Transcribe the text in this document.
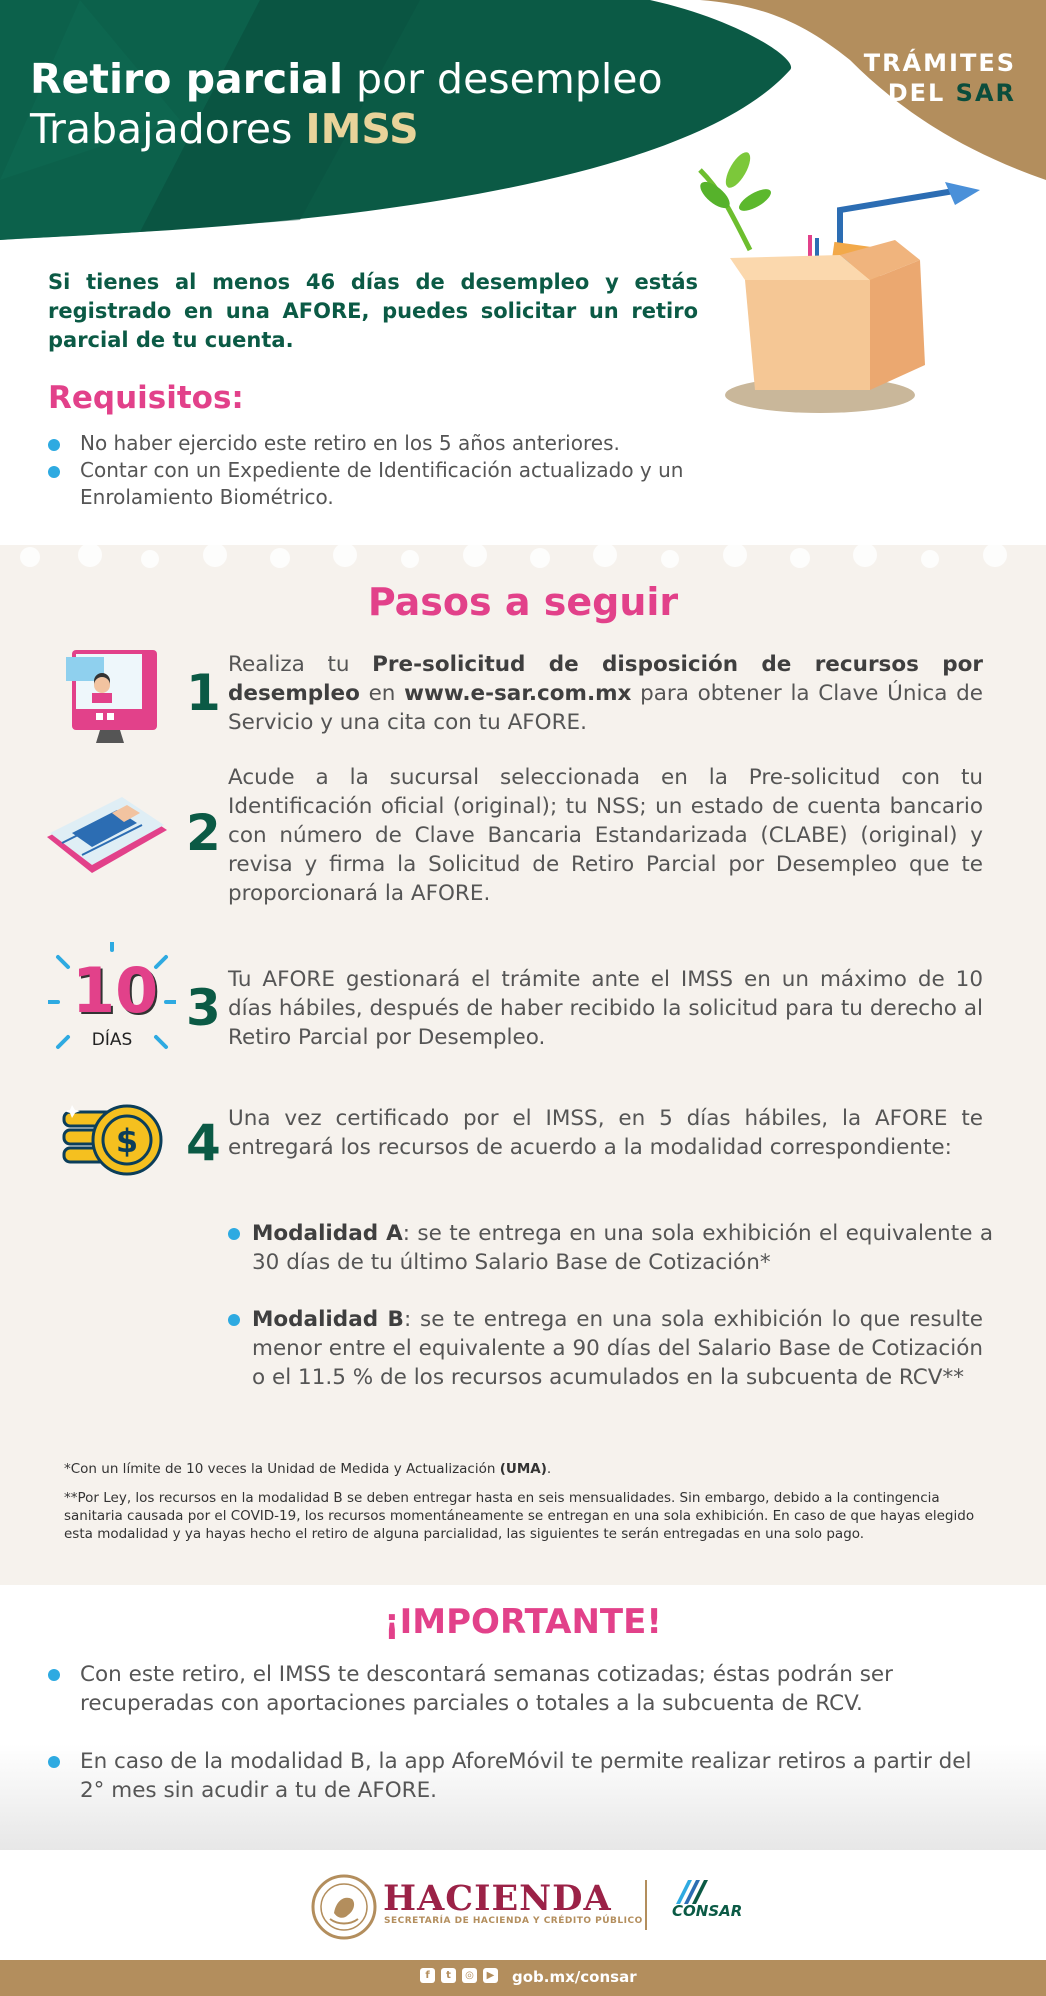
Retiro parcial por desempleo
Trabajadores IMSS
TRÁMITES
DEL SAR
Si tienes al menos 46 días de desempleo y estás registrado en una AFORE, puedes solicitar un retiro parcial de tu cuenta.
Requisitos:
No haber ejercido este retiro en los 5 años anteriores.
Contar con un Expediente de Identificación actualizado y un Enrolamiento Biométrico.
Pasos a seguir
1 Realiza tu Pre-solicitud de disposición de recursos por desempleo en www.e-sar.com.mx para obtener la Clave Única de Servicio y una cita con tu AFORE.
2
Acude a la sucursal seleccionada en la Pre-solicitud con tu Identificación oficial (original); tu NSS; un estado de cuenta bancario con número de Clave Bancaria Estandarizada (CLABE) (original) y revisa y firma la Solicitud de Retiro Parcial por Desempleo que te proporcionará la AFORE.
10
DÍAS
3 Tu AFORE gestionará el trámite ante el IMSS en un máximo de 10 días hábiles, después de haber recibido la solicitud para tu derecho al Retiro Parcial por Desempleo.
$ 4 Una vez certificado por el IMSS, en 5 días hábiles, la AFORE te entregará los recursos de acuerdo a la modalidad correspondiente:
Modalidad A: se te entrega en una sola exhibición el equivalente a 30 días de tu último Salario Base de Cotización*
Modalidad B: se te entrega en una sola exhibición lo que resulte menor entre el equivalente a 90 días del Salario Base de Cotización o el 11.5 % de los recursos acumulados en la subcuenta de RCV**
*Con un límite de 10 veces la Unidad de Medida y Actualización (UMA).
**Por Ley, los recursos en la modalidad B se deben entregar hasta en seis mensualidades. Sin embargo, debido a la contingencia sanitaria causada por el COVID-19, los recursos momentáneamente se entregan en una sola exhibición. En caso de que hayas elegido esta modalidad y ya hayas hecho el retiro de alguna parcialidad, las siguientes te serán entregadas en una solo pago.
¡IMPORTANTE!
Con este retiro, el IMSS te descontará semanas cotizadas; éstas podrán ser recuperadas con aportaciones parciales o totales a la subcuenta de RCV.
En caso de la modalidad B, la app AforeMóvil te permite realizar retiros a partir del 2° mes sin acudir a tu de AFORE.
HACIENDA
SECRETARÍA DE HACIENDA Y CRÉDITO PÚBLICO
CONSAR
f	t	◎	▶ gob.mx/consar
